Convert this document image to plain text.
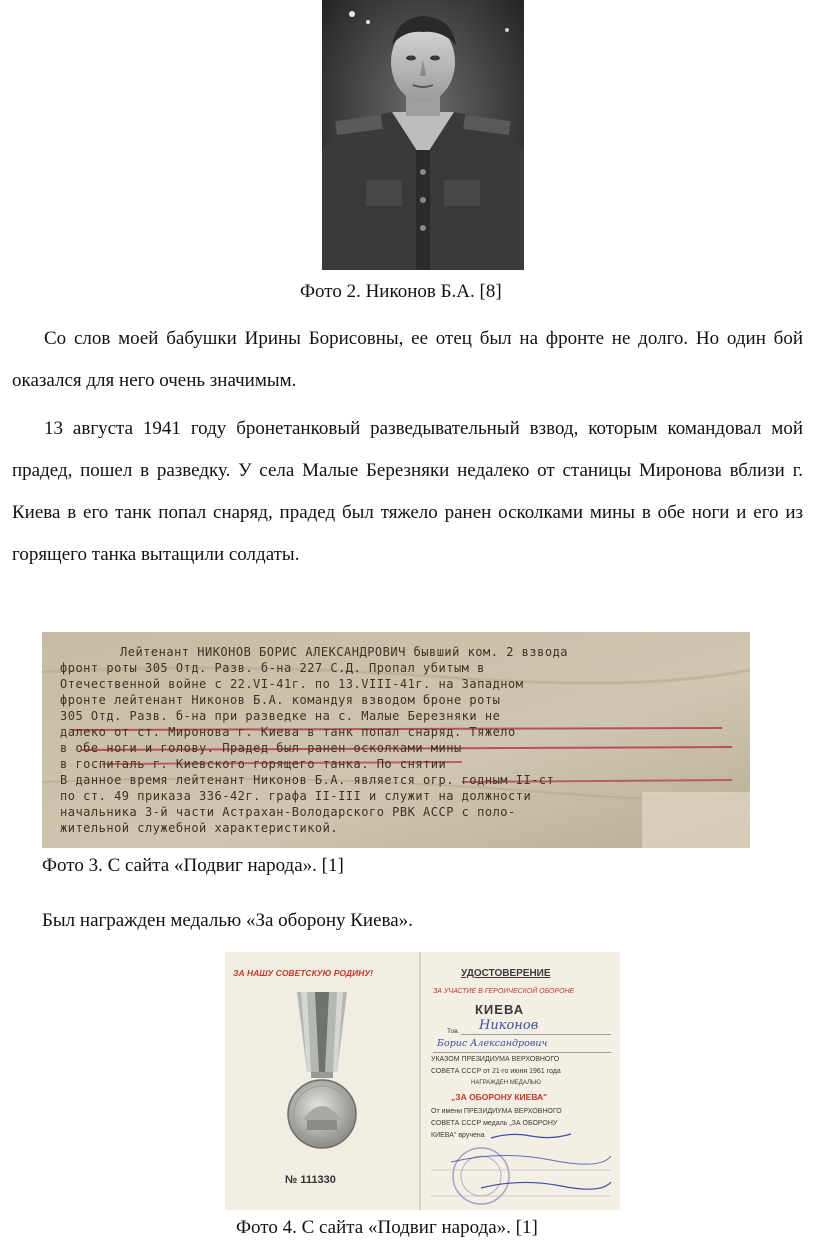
Фото 2. Никонов Б.А. [8]

Со слов моей бабушки Ирины Борисовны, ее отец был на фронте не долго. Но один бой оказался для него очень значимым.

13 августа 1941 году бронетанковый разведывательный взвод, которым командовал мой прадед, пошел в разведку. У села Малые Березняки недалеко от станицы Миронова вблизи г. Киева в его танк попал снаряд, прадед был тяжело ранен осколками мины в обе ноги и его из горящего танка вытащили солдаты.

Лейтенант НИКОНОВ БОРИС АЛЕКСАНДРОВИЧ бывший ком. 2 взвода
фронт роты 305 Отд. Разв. б-на 227 С.Д. Пропал убитым в
Отечественной войне с 22.VI-41г. по 13.VIII-41г. на Западном
фронте лейтенант Никонов Б.А. командуя взводом броне роты
305 Отд. Разв. б-на при разведке на с. Малые Березняки не
далеко от ст. Миронова г. Киева в танк попал снаряд. Тяжело
в обе ноги и голову. Прадед был ранен осколками мины
в госпиталь г. Киевского горящего танка. По снятии
В данное время лейтенант Никонов Б.А. является огр. годным II-ст
по ст. 49 приказа 336-42г. графа II-III и служит на должности
начальника 3-й части Астрахан-Володарского РВК АССР с поло-
жительной служебной характеристикой.
Фото 3. С сайта «Подвиг народа». [1]

Был награжден медалью «За оборону Киева».

ЗА НАШУ СОВЕТСКУЮ РОДИНУ!
№ 111330
УДОСТОВЕРЕНИЕ
ЗА УЧАСТИЕ В ГЕРОИЧЕСКОЙ ОБОРОНЕ
КИЕВА
Тов. Никонов
Борис Александрович
УКАЗОМ ПРЕЗИДИУМА ВЕРХОВНОГО
СОВЕТА СССР от 21-го июня 1961 года
НАГРАЖДЕН МЕДАЛЬЮ
„ЗА ОБОРОНУ КИЕВА"
От имени ПРЕЗИДИУМА ВЕРХОВНОГО
СОВЕТА СССР медаль „ЗА ОБОРОНУ
КИЕВА" вручена
Фото 4. С сайта «Подвиг народа». [1]
